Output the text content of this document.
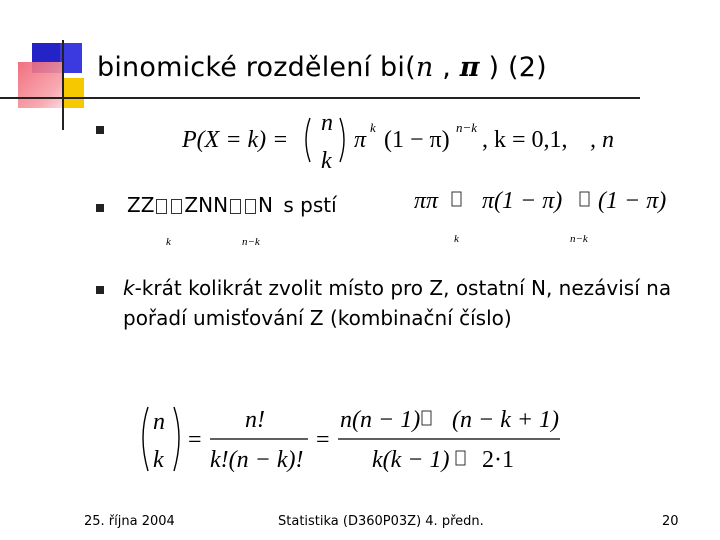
binomické rozdělení bi(n , π ) (2)
P(X = k) =
n
k
π k (1 − π) n−k , k = 0,1, , n
ZZ ZNN N s pstí
k	n−k
ππ π(1 − π) (1 − π)
k	n−k
k-krát kolikrát zvolit místo pro Z, ostatní N, nezávisí na pořadí umisťování Z (kombinační číslo)
n
k
=
n!
k!(n − k)!
=
n(n − 1) (n − k + 1)
k(k − 1) 2·1
25. října 2004	Statistika (D360P03Z) 4. předn.	20
